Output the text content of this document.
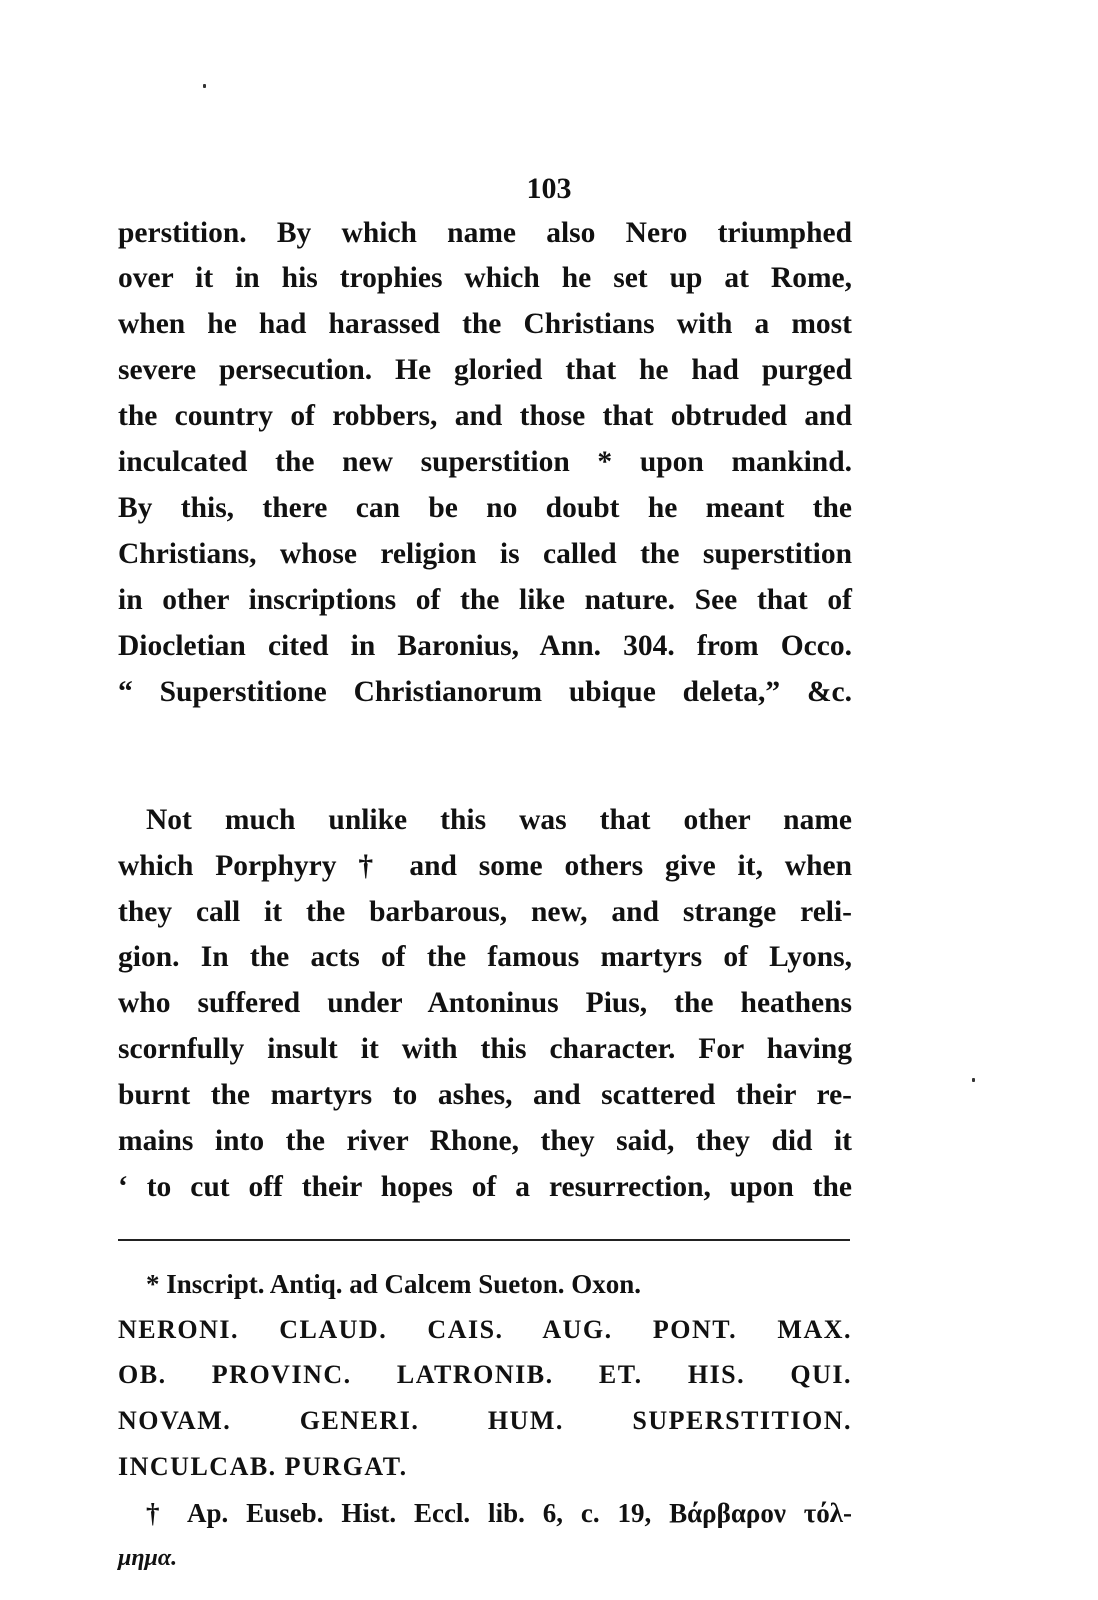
103
perstition. By which name also Nero triumphed
over it in his trophies which he set up at Rome,
when he had harassed the Christians with a most
severe persecution. He gloried that he had purged
the country of robbers, and those that obtruded and
inculcated the new superstition * upon mankind.
By this, there can be no doubt he meant the
Christians, whose religion is called the superstition
in other inscriptions of the like nature. See that of
Diocletian cited in Baronius, Ann. 304. from Occo.
“ Superstitione Christianorum ubique deleta,” &c.
Not much unlike this was that other name
which Porphyry † and some others give it, when
they call it the barbarous, new, and strange reli-
gion. In the acts of the famous martyrs of Lyons,
who suffered under Antoninus Pius, the heathens
scornfully insult it with this character. For having
burnt the martyrs to ashes, and scattered their re-
mains into the river Rhone, they said, they did it
‘ to cut off their hopes of a resurrection, upon the
* Inscript. Antiq. ad Calcem Sueton. Oxon.
NERONI. CLAUD. CAIS. AUG. PONT. MAX.
OB. PROVINC. LATRONIB. ET. HIS. QUI.
NOVAM. GENERI. HUM. SUPERSTITION.
INCULCAB. PURGAT.
† Ap. Euseb. Hist. Eccl. lib. 6, c. 19, Βάρβαρον τόλ-
μημα.
